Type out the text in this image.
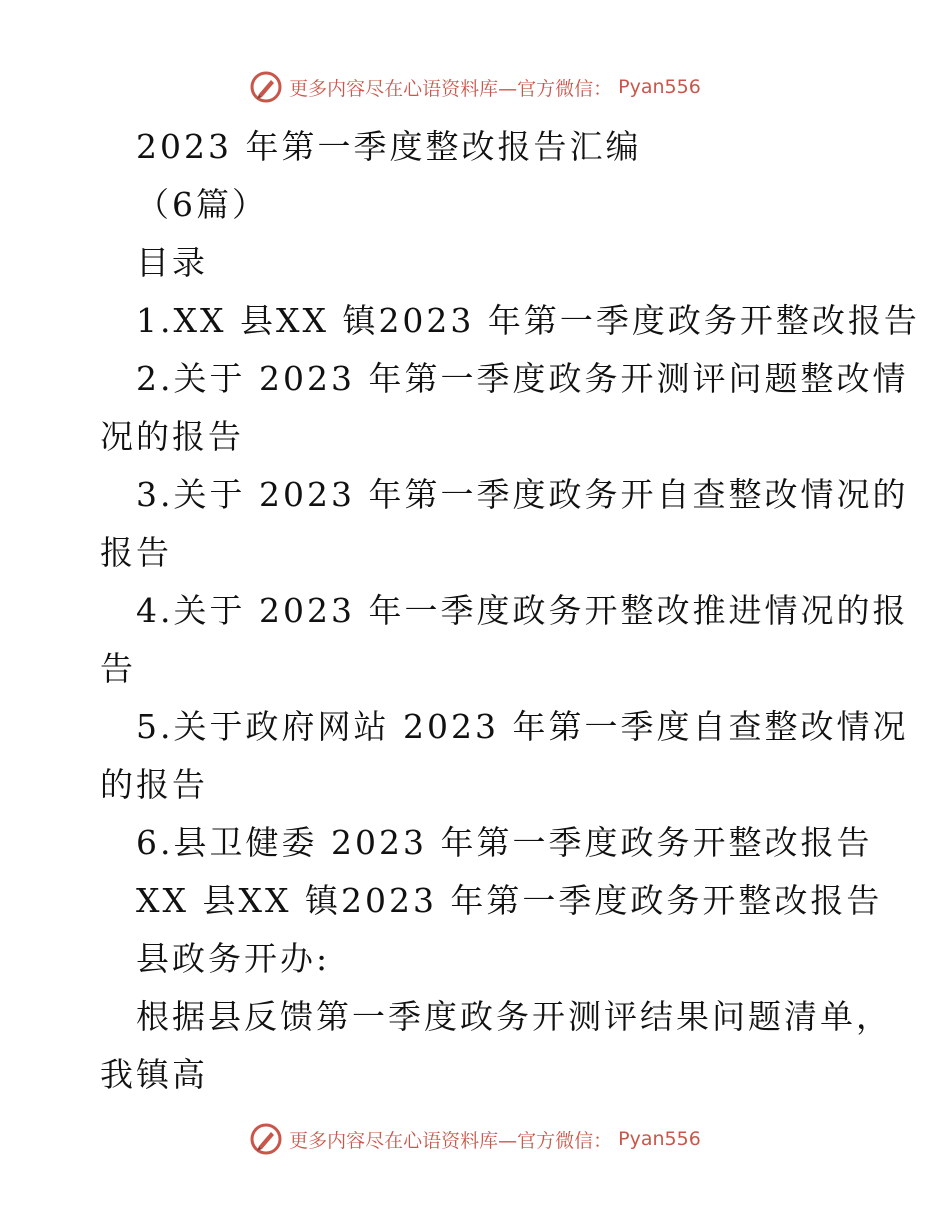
更多内容尽在心语资料库—官方微信： Pyan556
2023 年第一季度整改报告汇编
（6篇）
目录
1.XX 县XX 镇2023 年第一季度政务开整改报告
2.关于 2023 年第一季度政务开测评问题整改情
况的报告
3.关于 2023 年第一季度政务开自查整改情况的
报告
4.关于 2023 年一季度政务开整改推进情况的报
告
5.关于政府网站 2023 年第一季度自查整改情况
的报告
6.县卫健委 2023 年第一季度政务开整改报告
XX 县XX 镇2023 年第一季度政务开整改报告
县政务开办:
根据县反馈第一季度政务开测评结果问题清单，
我镇高
更多内容尽在心语资料库—官方微信： Pyan556
